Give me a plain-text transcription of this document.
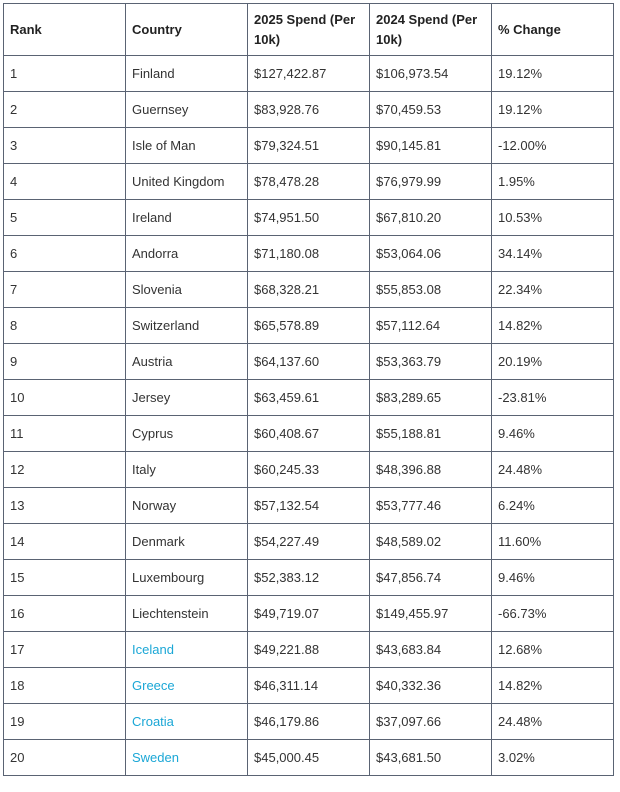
Rank	Country	2025 Spend (Per 10k)	2024 Spend (Per 10k)	% Change
1	Finland	$127,422.87	$106,973.54	19.12%
2	Guernsey	$83,928.76	$70,459.53	19.12%
3	Isle of Man	$79,324.51	$90,145.81	-12.00%
4	United Kingdom	$78,478.28	$76,979.99	1.95%
5	Ireland	$74,951.50	$67,810.20	10.53%
6	Andorra	$71,180.08	$53,064.06	34.14%
7	Slovenia	$68,328.21	$55,853.08	22.34%
8	Switzerland	$65,578.89	$57,112.64	14.82%
9	Austria	$64,137.60	$53,363.79	20.19%
10	Jersey	$63,459.61	$83,289.65	-23.81%
11	Cyprus	$60,408.67	$55,188.81	9.46%
12	Italy	$60,245.33	$48,396.88	24.48%
13	Norway	$57,132.54	$53,777.46	6.24%
14	Denmark	$54,227.49	$48,589.02	11.60%
15	Luxembourg	$52,383.12	$47,856.74	9.46%
16	Liechtenstein	$49,719.07	$149,455.97	-66.73%
17	Iceland	$49,221.88	$43,683.84	12.68%
18	Greece	$46,311.14	$40,332.36	14.82%
19	Croatia	$46,179.86	$37,097.66	24.48%
20	Sweden	$45,000.45	$43,681.50	3.02%
